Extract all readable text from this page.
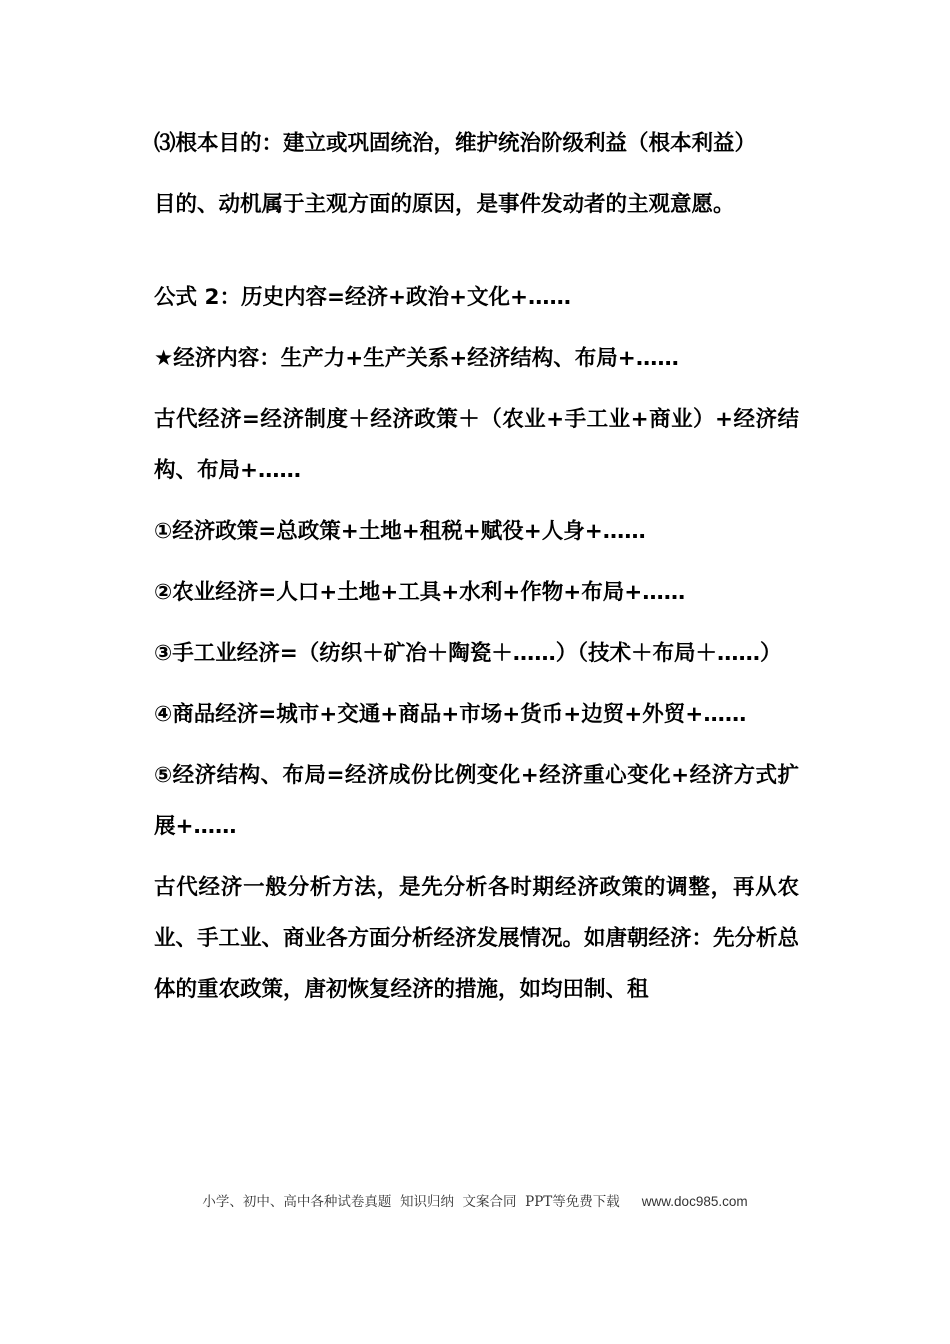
⑶根本目的：建立或巩固统治，维护统治阶级利益（根本利益）

目的、动机属于主观方面的原因，是事件发动者的主观意愿。

公式 2：历史内容=经济+政治+文化+……

★经济内容：生产力+生产关系+经济结构、布局+……

古代经济=经济制度＋经济政策＋（农业+手工业+商业）+经济结构、布局+……

①经济政策=总政策+土地+租税+赋役+人身+……

②农业经济=人口+土地+工具+水利+作物+布局+……

③手工业经济=（纺织＋矿冶＋陶瓷＋……）（技术＋布局＋……）

④商品经济=城市+交通+商品+市场+货币+边贸+外贸+……

⑤经济结构、布局=经济成份比例变化+经济重心变化+经济方式扩展+……

古代经济一般分析方法，是先分析各时期经济政策的调整，再从农业、手工业、商业各方面分析经济发展情况。如唐朝经济：先分析总体的重农政策，唐初恢复经济的措施，如均田制、租

小学、初中、高中各种试卷真题  知识归纳  文案合同  PPT等免费下载 www.doc985.com
